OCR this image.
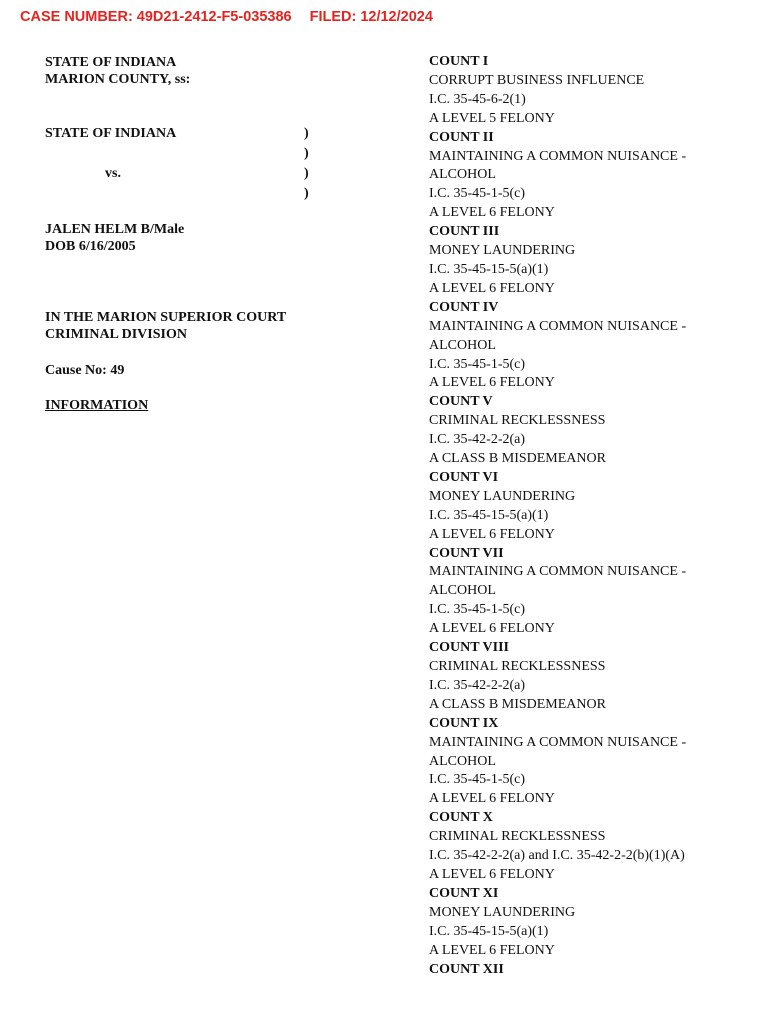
CASE NUMBER: 49D21-2412-F5-035386 FILED: 12/12/2024
STATE OF INDIANA
MARION COUNTY, ss:
STATE OF INDIANA	)
)
vs.	)
)
JALEN HELM B/Male
DOB 6/16/2005
IN THE MARION SUPERIOR COURT
CRIMINAL DIVISION
Cause No: 49
INFORMATION
COUNT I
CORRUPT BUSINESS INFLUENCE
I.C. 35-45-6-2(1)
A LEVEL 5 FELONY
COUNT II
MAINTAINING A COMMON NUISANCE -
ALCOHOL
I.C. 35-45-1-5(c)
A LEVEL 6 FELONY
COUNT III
MONEY LAUNDERING
I.C. 35-45-15-5(a)(1)
A LEVEL 6 FELONY
COUNT IV
MAINTAINING A COMMON NUISANCE -
ALCOHOL
I.C. 35-45-1-5(c)
A LEVEL 6 FELONY
COUNT V
CRIMINAL RECKLESSNESS
I.C. 35-42-2-2(a)
A CLASS B MISDEMEANOR
COUNT VI
MONEY LAUNDERING
I.C. 35-45-15-5(a)(1)
A LEVEL 6 FELONY
COUNT VII
MAINTAINING A COMMON NUISANCE -
ALCOHOL
I.C. 35-45-1-5(c)
A LEVEL 6 FELONY
COUNT VIII
CRIMINAL RECKLESSNESS
I.C. 35-42-2-2(a)
A CLASS B MISDEMEANOR
COUNT IX
MAINTAINING A COMMON NUISANCE -
ALCOHOL
I.C. 35-45-1-5(c)
A LEVEL 6 FELONY
COUNT X
CRIMINAL RECKLESSNESS
I.C. 35-42-2-2(a) and I.C. 35-42-2-2(b)(1)(A)
A LEVEL 6 FELONY
COUNT XI
MONEY LAUNDERING
I.C. 35-45-15-5(a)(1)
A LEVEL 6 FELONY
COUNT XII
